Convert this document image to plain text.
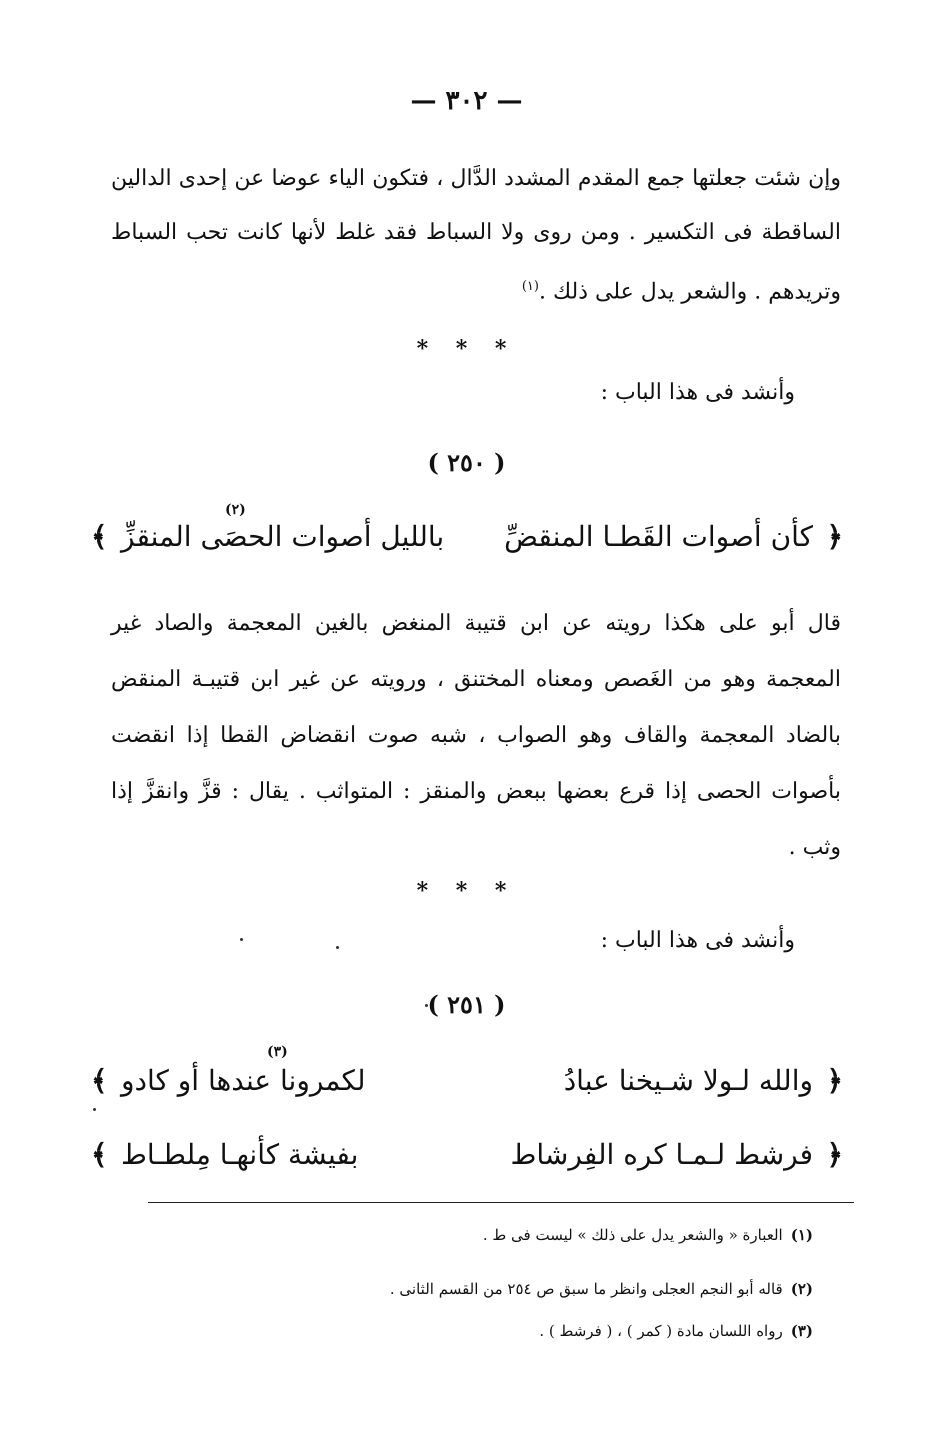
— ٣٠٢ —
وإن شئت جعلتها جمع المقدم المشدد الدَّال ، فتكون الياء عوضا عن إحدى الدالين الساقطة فى التكسير . ومن روى ولا السباط فقد غلط لأنها كانت تحب السباط وتريدهم . والشعر يدل على ذلك .$^{(١)}$
* * *
وأنشد فى هذا الباب :
( ٢٥٠ )
﴿
كأن أصوات القَطـا المنقضِّ
بالليل أصوات الحصَى المنقزِّ
(٢)
﴾
قال أبو على هكذا رويته عن ابن قتيبة المنغض بالغين المعجمة والصاد غير المعجمة وهو من الغَصص ومعناه المختنق ، ورويته عن غير ابن قتيبـة المنقض بالضاد المعجمة والقاف وهو الصواب ، شبه صوت انقضاض القطا إذا انقضت بأصوات الحصى إذا قرع بعضها ببعض والمنقز : المتواثب . يقال : قزَّ وانقزَّ إذا وثب .
* * *
وأنشد فى هذا الباب :
( ٢٥١ )
﴿
والله لـولا شـيخنا عبادُ
لكمرونا عندها أو كادو
(٣)
﴾
﴿
فرشط لـمـا كره الفِرشاط
بفيشة كأنهـا مِلطـاط
﴾
(١)العبارة « والشعر يدل على ذلك » ليست فى ط .
(٢)قاله أبو النجم العجلى وانظر ما سبق ص ٢٥٤ من القسم الثانى .
(٣)رواه اللسان مادة ( كمر ) ، ( فرشط ) .
